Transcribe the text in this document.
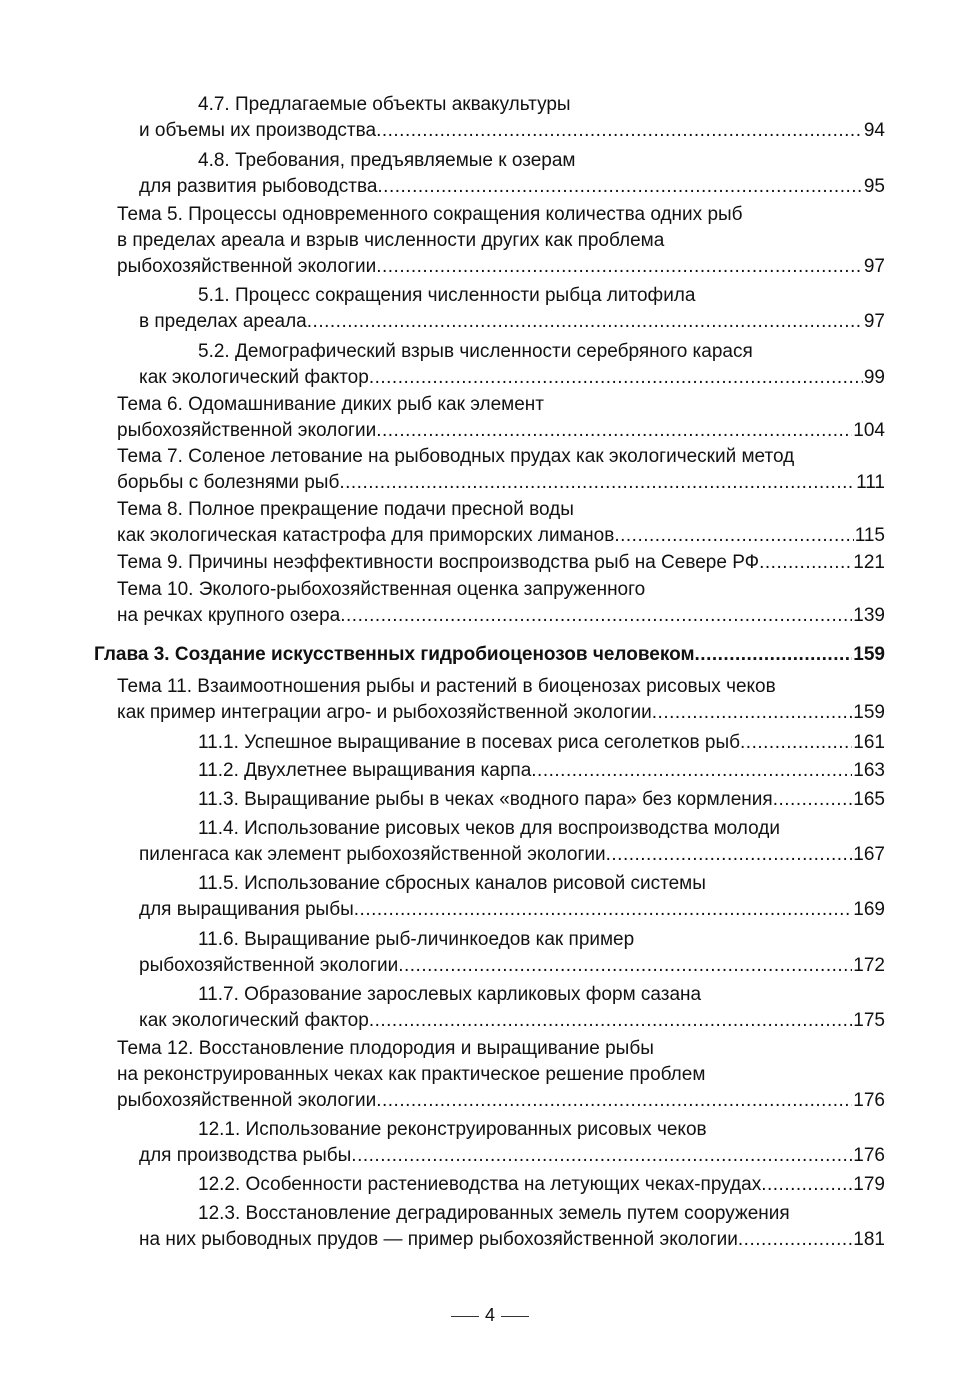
4.7. Предлагаемые объекты аквакультуры
и объемы их производства .....	94
4.8. Требования, предъявляемые к озерам
для развития рыбоводства .....	95
Тема 5. Процессы одновременного сокращения количества одних рыб
в пределах ареала и взрыв численности других как проблема
рыбохозяйственной экологии .....	97
5.1. Процесс сокращения численности рыбца литофила
в пределах ареала .....	97
5.2. Демографический взрыв численности серебряного карася
как экологический фактор .....	99
Тема 6. Одомашнивание диких рыб как элемент
рыбохозяйственной экологии .....	104
Тема 7. Соленое летование на рыбоводных прудах как экологический метод
борьбы с болезнями рыб .....	111
Тема 8. Полное прекращение подачи пресной воды
как экологическая катастрофа для приморских лиманов .....	115
Тема 9. Причины неэффективности воспроизводства рыб на Севере РФ .....	121
Тема 10. Эколого-рыбохозяйственная оценка запруженного
на речках крупного озера .....	139
Глава 3. Создание искусственных гидробиоценозов человеком .....	159
Тема 11. Взаимоотношения рыбы и растений в биоценозах рисовых чеков
как пример интеграции агро- и рыбохозяйственной экологии .....	159
11.1. Успешное выращивание в посевах риса сеголетков рыб .....	161
11.2. Двухлетнее выращивания карпа .....	163
11.3. Выращивание рыбы в чеках «водного пара» без кормления .....	165
11.4. Использование рисовых чеков для воспроизводства молоди
пиленгаса как элемент рыбохозяйственной экологии .....	167
11.5. Использование сбросных каналов рисовой системы
для выращивания рыбы .....	169
11.6. Выращивание рыб-личинкоедов как пример
рыбохозяйственной экологии .....	172
11.7. Образование зарослевых карликовых форм сазана
как экологический фактор .....	175
Тема 12. Восстановление плодородия и выращивание рыбы
на реконструированных чеках как практическое решение проблем
рыбохозяйственной экологии .....	176
12.1. Использование реконструированных рисовых чеков
для производства рыбы .....	176
12.2. Особенности растениеводства на летующих чеках-прудах .....	179
12.3. Восстановление деградированных земель путем сооружения
на них рыбоводных прудов — пример рыбохозяйственной экологии .....	181
4
